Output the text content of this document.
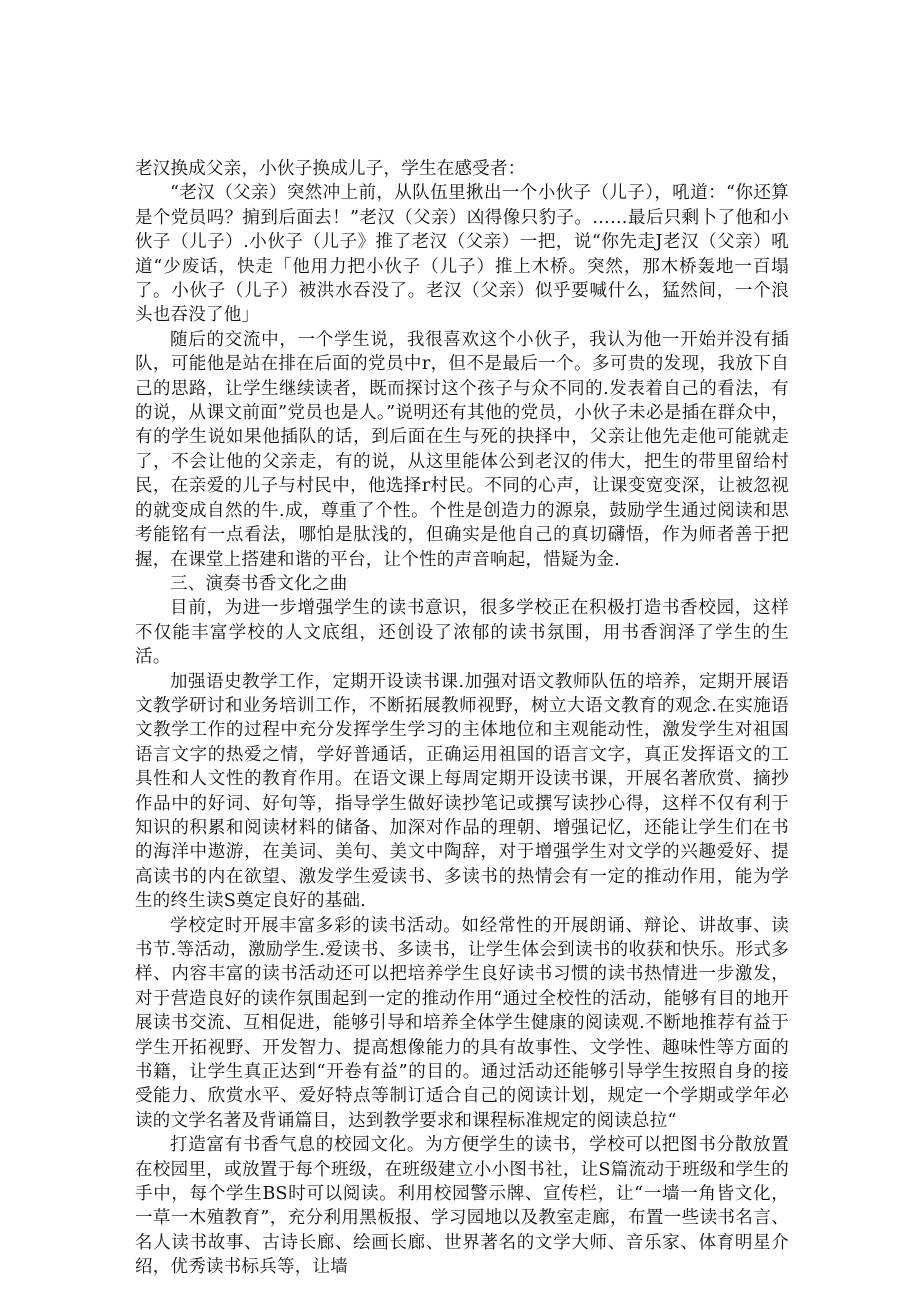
老汉换成父亲，小伙子换成儿子，学生在感受者：

“老汉（父亲）突然冲上前，从队伍里揪出一个小伙子（儿子），吼道：“你还算是个党员吗？掮到后面去！”老汉（父亲）凶得像只豹子。……最后只剩卜了他和小伙子（儿子）.小伙子（儿子》推了老汉（父亲）一把，说“你先走J老汉（父亲）吼道“少废话，快走「他用力把小伙子（儿子）推上木桥。突然，那木桥轰地一百塌了。小伙子（儿子）被洪水吞没了。老汉（父亲）似乎要喊什么，猛然间，一个浪头也吞没了他」

随后的交流中，一个学生说，我很喜欢这个小伙子，我认为他一开始并没有插队，可能他是站在排在后面的党员中r，但不是最后一个。多可贵的发现，我放下自己的思路，让学生继续读者，既而探讨这个孩子与众不同的.发表着自己的看法，有的说，从课文前面”党员也是人。”说明还有其他的党员，小伙子未必是插在群众中，有的学生说如果他插队的话，到后面在生与死的抉择中，父亲让他先走他可能就走了，不会让他的父亲走，有的说，从这里能体公到老汉的伟大，把生的带里留给村民，在亲爱的儿子与村民中，他选择r村民。不同的心声，让课变宽变深，让被忽视的就变成自然的牛.成，尊重了个性。个性是创造力的源泉，鼓励学生通过阅读和思考能铭有一点看法，哪怕是肽浅的，但确实是他自己的真切礴悟，作为师者善于把握，在课堂上搭建和谐的平台，让个性的声音响起，惜疑为金.

三、演奏书香文化之曲

目前，为进一步增强学生的读书意识，很多学校正在积极打造书香校园，这样不仅能丰富学校的人文底组，还创设了浓郁的读书氛围，用书香润泽了学生的生活。

加强语史教学工作，定期开设读书课.加强对语文教师队伍的培养，定期开展语文教学研讨和业务培训工作，不断拓展教师视野，树立大语文教育的观念.在实施语文教学工作的过程中充分发挥学生学习的主体地位和主观能动性，激发学生对祖国语言文字的热爱之情，学好普通话，正确运用祖国的语言文字，真正发挥语文的工具性和人文性的教育作用。在语文课上每周定期开设读书课，开展名著欣赏、摘抄作品中的好词、好句等，指导学生做好读抄笔记或撰写读抄心得，这样不仅有利于知识的积累和阅读材料的储备、加深对作品的理朝、增强记忆，还能让学生们在书的海洋中遨游，在美词、美句、美文中陶辞，对于增强学生对文学的兴趣爱好、提高读书的内在欲望、激发学生爱读书、多读书的热情会有一定的推动作用，能为学生的终生读S奠定良好的基础.

学校定时开展丰富多彩的读书活动。如经常性的开展朗诵、辩论、讲故事、读书节.等活动，激励学生.爱读书、多读书，让学生体会到读书的收获和快乐。形式多样、内容丰富的读书活动还可以把培养学生良好读书习惯的读书热情进一步激发，对于营造良好的读作氛围起到一定的推动作用“通过全校性的活动，能够有目的地开展读书交流、互相促进，能够引导和培养全体学生健康的阅读观.不断地推荐有益于学生开拓视野、开发智力、提高想像能力的具有故事性、文学性、趣味性等方面的书籍，让学生真正达到“开卷有益”的目的。通过活动还能够引导学生按照自身的接受能力、欣赏水平、爱好特点等制订适合自己的阅读计划，规定一个学期或学年必读的文学名著及背诵篇目，达到教学要求和课程标准规定的阅读总拉“

打造富有书香气息的校园文化。为方便学生的读书，学校可以把图书分散放置在校园里，或放置于每个班级，在班级建立小小图书社，让S篇流动于班级和学生的手中，每个学生BS时可以阅读。利用校园警示牌、宣传栏，让“一墙一角皆文化，一草一木殖教育”，充分利用黑板报、学习园地以及教室走廊，布置一些读书名言、名人读书故事、古诗长廊、绘画长廊、世界著名的文学大师、音乐家、体育明星介绍，优秀读书标兵等，让墙
